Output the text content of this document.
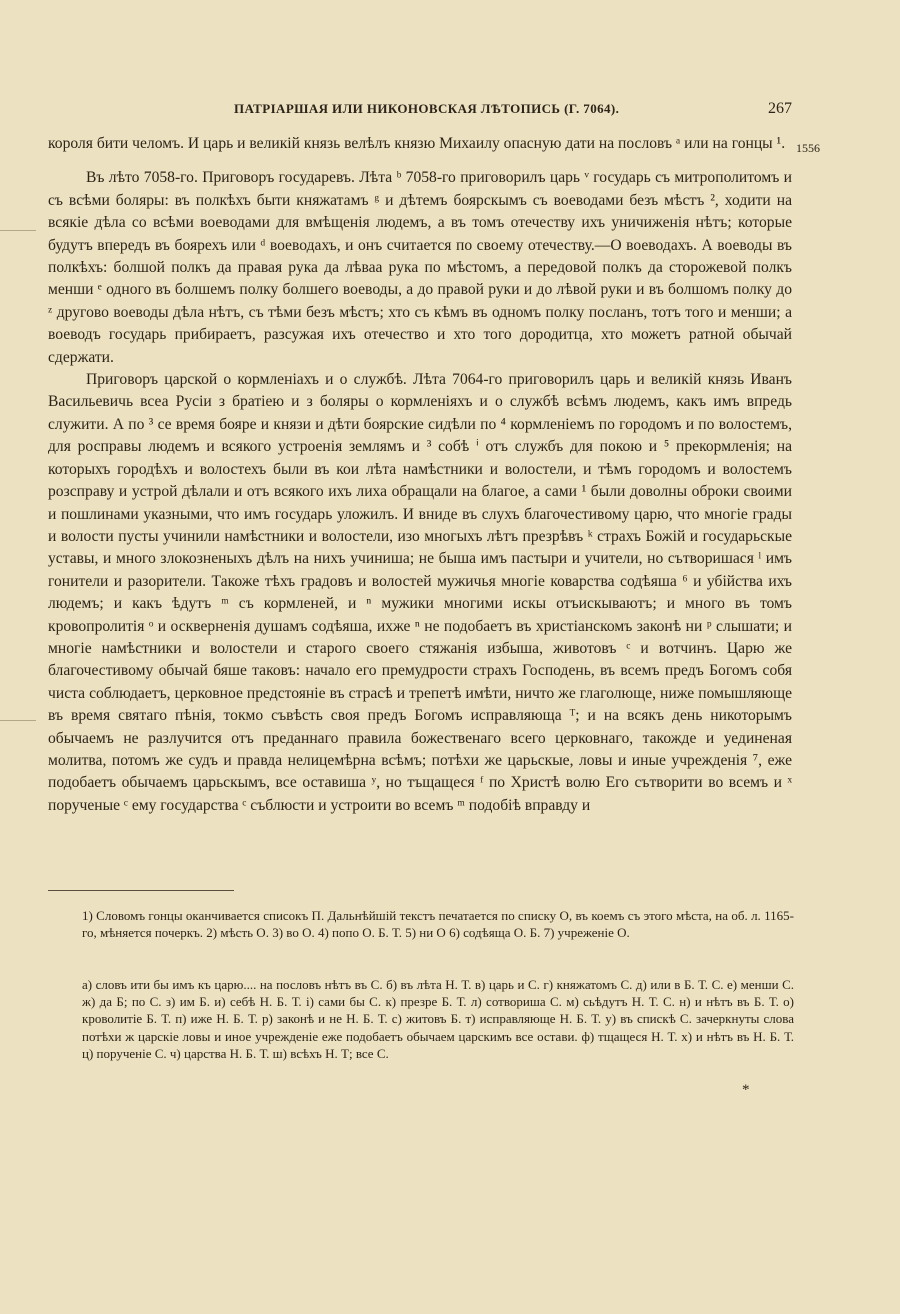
ПАТРІАРШАЯ ИЛИ НИКОНОВСКАЯ ЛѢТОПИСЬ (Г. 7064).	267
1556

короля бити челомъ. И царь и великій князь велѣлъ князю Михаилу опасную дати на пословъ ᵃ или на гонцы ¹.

Въ лѣто 7058-го. Приговоръ государевъ. Лѣта ᵇ 7058-го приговорилъ царь ᵛ государь съ митрополитомъ и съ всѣми боляры: въ полкѣхъ быти княжатамъ ᵍ и дѣтемъ боярскымъ съ воеводами безъ мѣстъ ², ходити на всякіе дѣла со всѣми воеводами для вмѣщенія людемъ, а въ томъ отечеству ихъ уничиженія нѣтъ; которые будутъ впередъ въ боярехъ или ᵈ воеводахъ, и онъ считается по своему отечеству.—О воеводахъ. А воеводы въ полкѣхъ: болшой полкъ да правая рука да лѣваа рука по мѣстомъ, а передовой полкъ да сторожевой полкъ менши ᵉ одного въ болшемъ полку болшего воеводы, а до правой руки и до лѣвой руки и въ болшомъ полку до ᶻ другово воеводы дѣла нѣтъ, съ тѣми безъ мѣстъ; хто съ кѣмъ въ одномъ полку посланъ, тотъ того и менши; а воеводъ государь прибираетъ, разсужая ихъ отечество и хто того дородитца, хто можетъ ратной обычай сдержати.

Приговоръ царской о кормленіахъ и о службѣ. Лѣта 7064-го приговорилъ царь и великій князь Иванъ Васильевичь всеа Русіи з братіею и з боляры о кормленіяхъ и о службѣ всѣмъ людемъ, какъ имъ впредь служити. А по ³ се время бояре и князи и дѣти боярские сидѣли по ⁴ кормленіемъ по городомъ и по волостемъ, для росправы людемъ и всякого устроенія землямъ и ³ собѣ ⁱ отъ службъ для покою и ⁵ прекормленія; на которыхъ городѣхъ и волостехъ были въ кои лѣта намѣстники и волостели, и тѣмъ городомъ и волостемъ розсправу и устрой дѣлали и отъ всякого ихъ лиха обращали на благое, а сами ¹ были доволны оброки своими и пошлинами указными, что имъ государь уложилъ. И вниде въ слухъ благочестивому царю, что многіе грады и волости пусты учинили намѣстники и волостели, изо многыхъ лѣтъ презрѣвъ ᵏ страхъ Божій и государьскые уставы, и много злокозненыхъ дѣлъ на нихъ учиниша; не быша имъ пастыри и учители, но сътворишася ˡ имъ гонители и разорители. Такоже тѣхъ градовъ и волостей мужичья многіе коварства содѣяша ⁶ и убійства ихъ людемъ; и какъ ѣдутъ ᵐ съ кормленей, и ⁿ мужики многими искы отъискываютъ; и много въ томъ кровопролитія ᵒ и оскверненія душамъ содѣяша, ихже ⁿ не подобаетъ въ христіанскомъ законѣ ни ᵖ слышати; и многіе намѣстники и волостели и старого своего стяжанія избыша, животовъ ᶜ и вотчинъ. Царю же благочестивому обычай бяше таковъ: начало его премудрости страхъ Господень, въ всемъ предъ Богомъ собя чиста соблюдаетъ, церковное предстояніе въ страсѣ и трепетѣ имѣти, ничто же глаголюще, ниже помышляюще въ время святаго пѣнія, токмо съвѣсть своя предъ Богомъ исправляюща ᵀ; и на всякъ день никоторымъ обычаемъ не разлучится отъ преданнаго правила божественаго всего церковнаго, такожде и уединеная молитва, потомъ же судъ и правда нелицемѣрна всѣмъ; потѣхи же царьскые, ловы и иные учрежденія ⁷, еже подобаетъ обычаемъ царьскымъ, все оставиша ʸ, но тъщащеся ᶠ по Христѣ волю Его сътворити во всемъ и ˣ порученые ᶜ ему государства ᶜ съблюсти и устроити во всемъ ᵐ подобіѣ вправду и

1) Словомъ гонцы оканчивается списокъ П. Дальнѣйшій текстъ печатается по списку О, въ коемъ съ этого мѣста, на об. л. 1165-го, мѣняется почеркъ. 2) мѣсть О. 3) во О. 4) попо О. Б. Т. 5) ни О 6) содѣяща О. Б. 7) учреженіе О.

а) словъ ити бы имъ къ царю.... на пословъ нѣтъ въ С. б) въ лѣта Н. Т. в) царь и С. г) княжатомъ С. д) или в Б. Т. С. е) менши С. ж) да Б; по С. з) им Б. и) себѣ Н. Б. Т. і) сами бы С. к) презре Б. Т. л) сотвориша С. м) сьѣдутъ Н. Т. С. н) и нѣтъ въ Б. Т. о) кроволитіе Б. Т. п) иже Н. Б. Т. р) законѣ и не Н. Б. Т. с) житовъ Б. т) исправляюще Н. Б. Т. у) въ спискѣ С. зачеркнуты слова потѣхи ж царскіе ловы и иное учрежденіе еже подобаетъ обычаем царскимъ все остави. ф) тщащеся Н. Т. х) и нѣтъ въ Н. Б. Т. ц) порученіе С. ч) царства Н. Б. Т. ш) всѣхъ Н. Т; все С.

*
